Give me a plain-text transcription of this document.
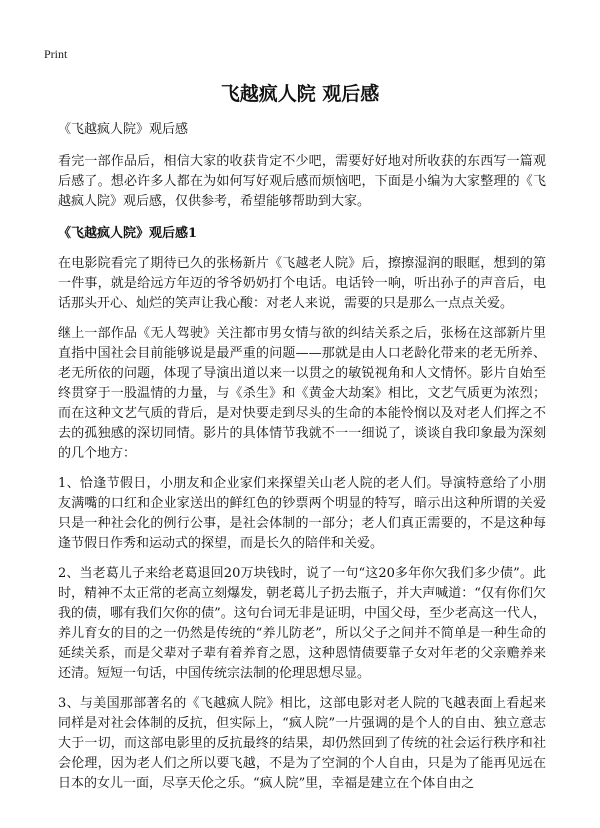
Print
飞越疯人院 观后感

《飞越疯人院》观后感

看完一部作品后，相信大家的收获肯定不少吧，需要好好地对所收获的东西写一篇观后感了。想必许多人都在为如何写好观后感而烦恼吧，下面是小编为大家整理的《飞越疯人院》观后感，仅供参考，希望能够帮助到大家。

《飞越疯人院》观后感1

在电影院看完了期待已久的张杨新片《飞越老人院》后，擦擦湿润的眼眶，想到的第一件事，就是给远方年迈的爷爷奶奶打个电话。电话铃一响，听出孙子的声音后，电话那头开心、灿烂的笑声让我心酸：对老人来说，需要的只是那么一点点关爱。

继上一部作品《无人驾驶》关注都市男女情与欲的纠结关系之后，张杨在这部新片里直指中国社会目前能够说是最严重的问题——那就是由人口老龄化带来的老无所养、老无所依的问题，体现了导演出道以来一以贯之的敏锐视角和人文情怀。影片自始至终贯穿于一股温情的力量，与《杀生》和《黄金大劫案》相比，文艺气质更为浓烈；而在这种文艺气质的背后，是对快要走到尽头的生命的本能怜悯以及对老人们挥之不去的孤独感的深切同情。影片的具体情节我就不一一细说了，谈谈自我印象最为深刻的几个地方：

1、恰逢节假日，小朋友和企业家们来探望关山老人院的老人们。导演特意给了小朋友满嘴的口红和企业家送出的鲜红色的钞票两个明显的特写，暗示出这种所谓的关爱只是一种社会化的例行公事，是社会体制的一部分；老人们真正需要的，不是这种每逢节假日作秀和运动式的探望，而是长久的陪伴和关爱。

2、当老葛儿子来给老葛退回20万块钱时，说了一句“这20多年你欠我们多少债”。此时，精神不太正常的老高立刻爆发，朝老葛儿子扔去瓶子，并大声喊道：“仅有你们欠我的债，哪有我们欠你的债”。这句台词无非是证明，中国父母，至少老高这一代人，养儿育女的目的之一仍然是传统的“养儿防老”，所以父子之间并不简单是一种生命的延续关系，而是父辈对子辈有着养育之恩，这种恩情债要靠子女对年老的父亲赡养来还清。短短一句话，中国传统宗法制的伦理思想尽显。

3、与美国那部著名的《飞越疯人院》相比，这部电影对老人院的飞越表面上看起来同样是对社会体制的反抗，但实际上，“疯人院”一片强调的是个人的自由、独立意志大于一切，而这部电影里的反抗最终的结果，却仍然回到了传统的社会运行秩序和社会伦理，因为老人们之所以要飞越，不是为了空洞的个人自由，只是为了能再见远在日本的女儿一面，尽享天伦之乐。“疯人院”里，幸福是建立在个体自由之
